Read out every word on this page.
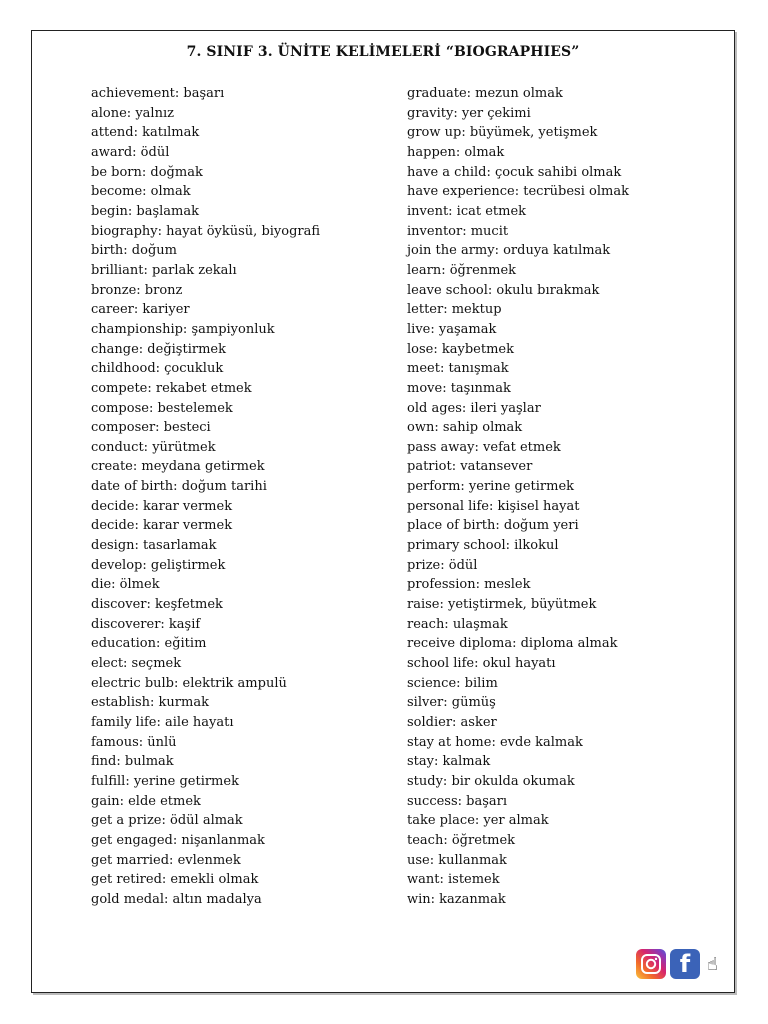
7. SINIF 3. ÜNİTE KELİMELERİ “BIOGRAPHIES”
achievement: başarı
alone: yalnız
attend: katılmak
award: ödül
be born: doğmak
become: olmak
begin: başlamak
biography: hayat öyküsü, biyografi
birth: doğum
brilliant: parlak zekalı
bronze: bronz
career: kariyer
championship: şampiyonluk
change: değiştirmek
childhood: çocukluk
compete: rekabet etmek
compose: bestelemek
composer: besteci
conduct: yürütmek
create: meydana getirmek
date of birth: doğum tarihi
decide: karar vermek
decide: karar vermek
design: tasarlamak
develop: geliştirmek
die: ölmek
discover: keşfetmek
discoverer: kaşif
education: eğitim
elect: seçmek
electric bulb: elektrik ampulü
establish: kurmak
family life: aile hayatı
famous: ünlü
find: bulmak
fulfill: yerine getirmek
gain: elde etmek
get a prize: ödül almak
get engaged: nişanlanmak
get married: evlenmek
get retired: emekli olmak
gold medal: altın madalya
graduate: mezun olmak
gravity: yer çekimi
grow up: büyümek, yetişmek
happen: olmak
have a child: çocuk sahibi olmak
have experience: tecrübesi olmak
invent: icat etmek
inventor: mucit
join the army: orduya katılmak
learn: öğrenmek
leave school: okulu bırakmak
letter: mektup
live: yaşamak
lose: kaybetmek
meet: tanışmak
move: taşınmak
old ages: ileri yaşlar
own: sahip olmak
pass away: vefat etmek
patriot: vatansever
perform: yerine getirmek
personal life: kişisel hayat
place of birth: doğum yeri
primary school: ilkokul
prize: ödül
profession: meslek
raise: yetiştirmek, büyütmek
reach: ulaşmak
receive diploma: diploma almak
school life: okul hayatı
science: bilim
silver: gümüş
soldier: asker
stay at home: evde kalmak
stay: kalmak
study: bir okulda okumak
success: başarı
take place: yer almak
teach: öğretmek
use: kullanmak
want: istemek
win: kazanmak
f ☝
